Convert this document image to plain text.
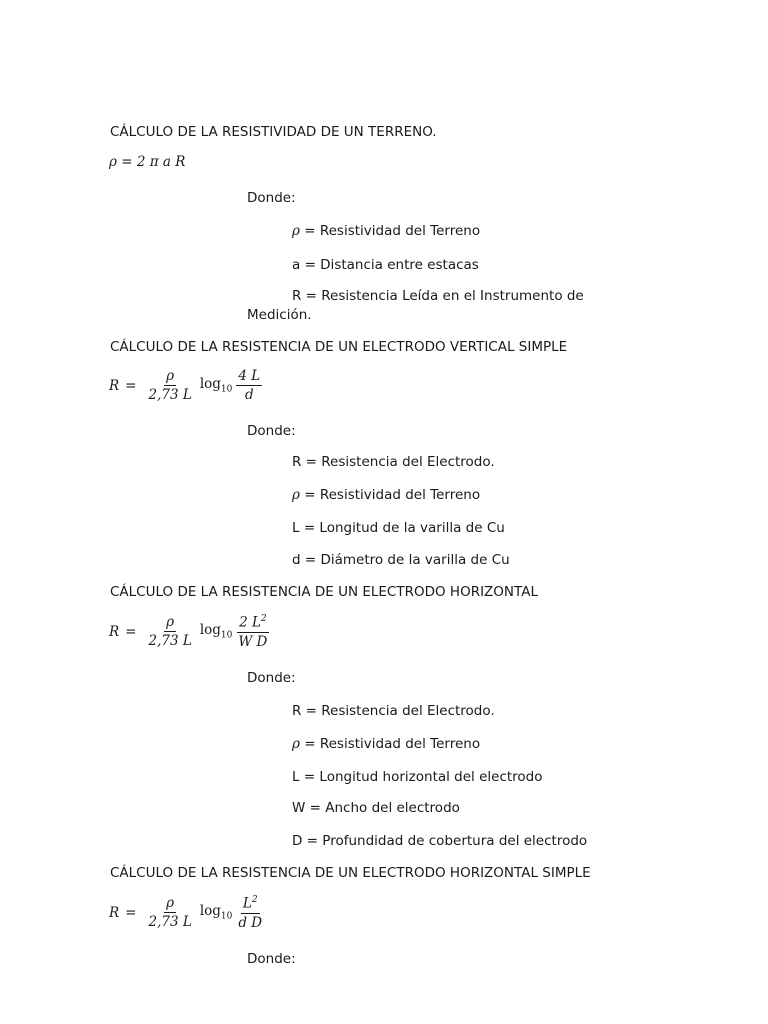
CÁLCULO DE LA RESISTIVIDAD DE UN TERRENO.
ρ = 2 π a R
Donde:
ρ = Resistividad del Terreno
a = Distancia entre estacas
R = Resistencia Leída en el Instrumento de
Medición.
CÁLCULO DE LA RESISTENCIA DE UN ELECTRODO VERTICAL SIMPLE
$R = \frac{\rho}{2,73 L} \log_{10} \frac{4 L}{d}$
Donde:
R = Resistencia del Electrodo.
ρ = Resistividad del Terreno
L = Longitud de la varilla de Cu
d = Diámetro de la varilla de Cu
CÁLCULO DE LA RESISTENCIA DE UN ELECTRODO HORIZONTAL
$R = \frac{\rho}{2,73 L} \log_{10} \frac{2 L^2}{\text{W D}}$
Donde:
R = Resistencia del Electrodo.
ρ = Resistividad del Terreno
L = Longitud horizontal del electrodo
W = Ancho del electrodo
D = Profundidad de cobertura del electrodo
CÁLCULO DE LA RESISTENCIA DE UN ELECTRODO HORIZONTAL SIMPLE
$R = \frac{\rho}{2,73 L} \log_{10} \frac{L^2}{\text{d D}}$
Donde:
